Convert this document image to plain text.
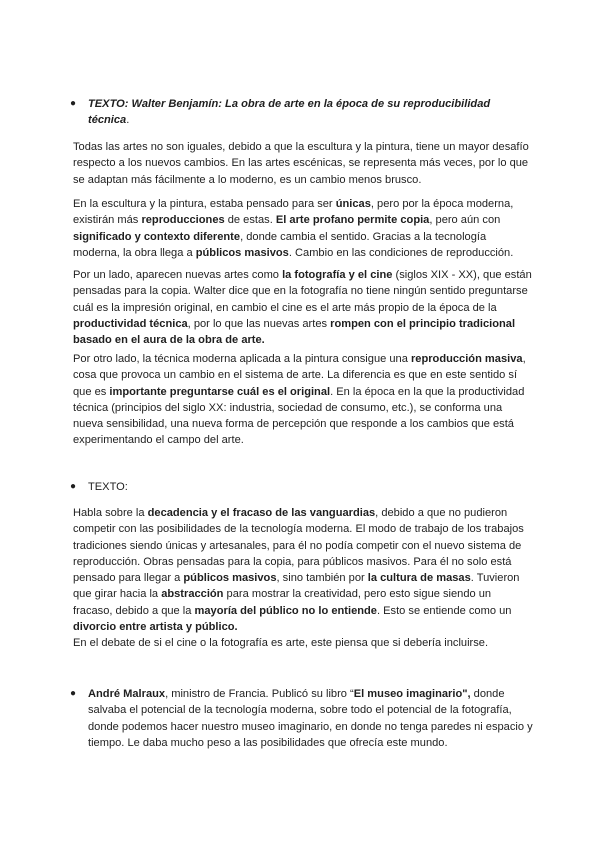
● TEXTO: Walter Benjamín: La obra de arte en la época de su reproducibilidad
técnica.

Todas las artes no son iguales, debido a que la escultura y la pintura, tiene un mayor desafío respecto a los nuevos cambios. En las artes escénicas, se representa más veces, por lo que se adaptan más fácilmente a lo moderno, es un cambio menos brusco.

En la escultura y la pintura, estaba pensado para ser únicas, pero por la época moderna, existirán más reproducciones de estas. El arte profano permite copia, pero aún con significado y contexto diferente, donde cambia el sentido. Gracias a la tecnología moderna, la obra llega a públicos masivos. Cambio en las condiciones de reproducción.

Por un lado, aparecen nuevas artes como la fotografía y el cine (siglos XIX - XX), que están pensadas para la copia. Walter dice que en la fotografía no tiene ningún sentido preguntarse cuál es la impresión original, en cambio el cine es el arte más propio de la época de la productividad técnica, por lo que las nuevas artes rompen con el principio tradicional basado en el aura de la obra de arte.

Por otro lado, la técnica moderna aplicada a la pintura consigue una reproducción masiva, cosa que provoca un cambio en el sistema de arte. La diferencia es que en este sentido sí que es importante preguntarse cuál es el original. En la época en la que la productividad técnica (principios del siglo XX: industria, sociedad de consumo, etc.), se conforma una nueva sensibilidad, una nueva forma de percepción que responde a los cambios que está experimentando el campo del arte.

● TEXTO:

Habla sobre la decadencia y el fracaso de las vanguardias, debido a que no pudieron competir con las posibilidades de la tecnología moderna. El modo de trabajo de los trabajos tradiciones siendo únicas y artesanales, para él no podía competir con el nuevo sistema de reproducción. Obras pensadas para la copia, para públicos masivos. Para él no solo está pensado para llegar a públicos masivos, sino también por la cultura de masas. Tuvieron que girar hacia la abstracción para mostrar la creatividad, pero esto sigue siendo un fracaso, debido a que la mayoría del público no lo entiende. Esto se entiende como un divorcio entre artista y público.

En el debate de si el cine o la fotografía es arte, este piensa que si debería incluirse.

● André Malraux, ministro de Francia. Publicó su libro “El museo imaginario", donde salvaba el potencial de la tecnología moderna, sobre todo el potencial de la fotografía, donde podemos hacer nuestro museo imaginario, en donde no tenga paredes ni espacio y tiempo. Le daba mucho peso a las posibilidades que ofrecía este mundo.
